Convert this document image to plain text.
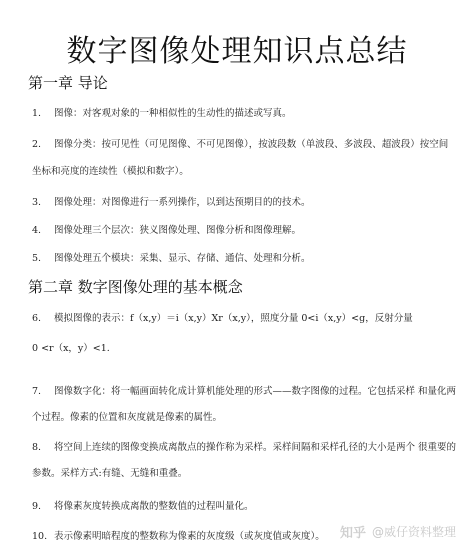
数字图像处理知识点总结
第一章 导论
1. 图像：对客观对象的一种相似性的生动性的描述或写真。
2. 图像分类：按可见性（可见图像、不可见图像），按波段数（单波段、多波段、超波段）按空间
坐标和亮度的连续性（模拟和数字）。
3. 图像处理：对图像进行一系列操作，以到达预期目的的技术。
4. 图像处理三个层次：狭义图像处理、图像分析和图像理解。
5. 图像处理五个模块：采集、显示、存储、通信、处理和分析。
第二章 数字图像处理的基本概念
6. 模拟图像的表示：f（x,y）＝i（x,y）Xr（x,y），照度分量 0<i（x,y）<g，反射分量
0 <r（x，y）<1.
7. 图像数字化：将一幅画面转化成计算机能处理的形式——数字图像的过程。它包括采样 和量化两
个过程。像素的位置和灰度就是像素的属性。
8. 将空间上连续的图像变换成离散点的操作称为采样。采样间隔和采样孔径的大小是两个 很重要的
参数。采样方式:有缝、无缝和重叠。
9. 将像素灰度转换成离散的整数值的过程叫量化。
10. 表示像素明暗程度的整数称为像素的灰度级（或灰度值或灰度）。 知乎 @威仔资料整理
